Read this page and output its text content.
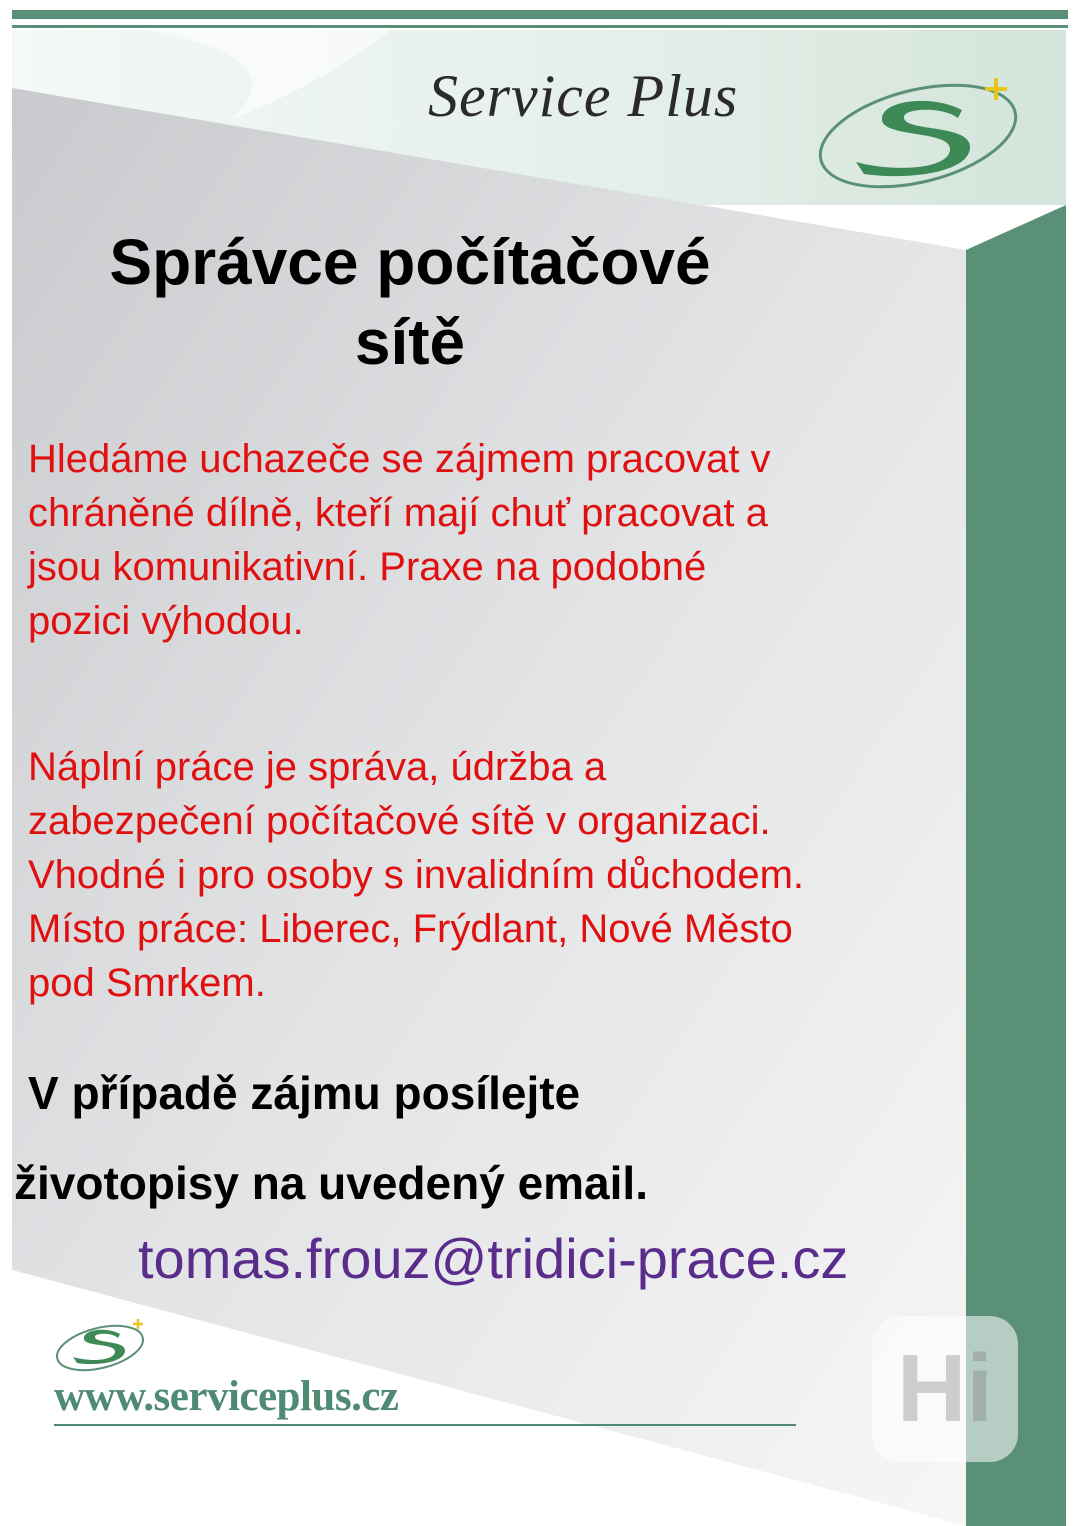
Service Plus
Správce počítačové
sítě
Hledáme uchazeče se zájmem pracovat v
chráněné dílně, kteří mají chuť pracovat a
jsou komunikativní. Praxe na podobné
pozici výhodou.
Náplní práce je správa, údržba a
zabezpečení počítačové sítě v organizaci.
Vhodné i pro osoby s invalidním důchodem.
Místo práce: Liberec, Frýdlant, Nové Město
pod Smrkem.
V případě zájmu posílejte
životopisy na uvedený email.
tomas.frouz@tridici-prace.cz
www.serviceplus.cz	Hi
